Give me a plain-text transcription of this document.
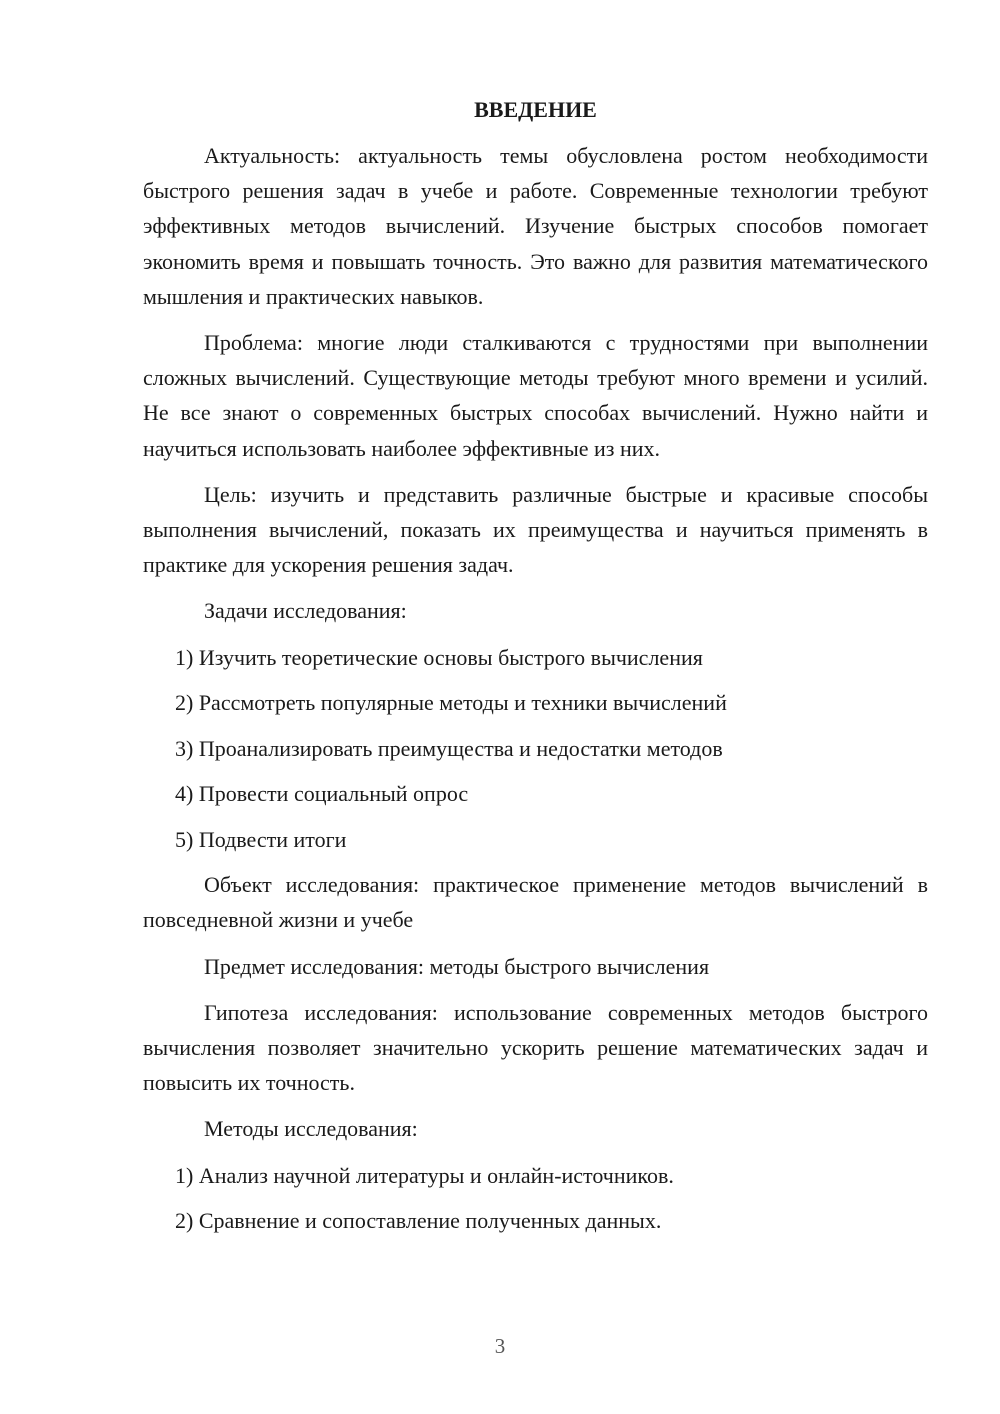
ВВЕДЕНИЕ

Актуальность: актуальность темы обусловлена ростом необходимости быстрого решения задач в учебе и работе. Современные технологии требуют эффективных методов вычислений. Изучение быстрых способов помогает экономить время и повышать точность. Это важно для развития математического мышления и практических навыков.

Проблема: многие люди сталкиваются с трудностями при выполнении сложных вычислений. Существующие методы требуют много времени и усилий. Не все знают о современных быстрых способах вычислений. Нужно найти и научиться использовать наиболее эффективные из них.

Цель: изучить и представить различные быстрые и красивые способы выполнения вычислений, показать их преимущества и научиться применять в практике для ускорения решения задач.

Задачи исследования:

1) Изучить теоретические основы быстрого вычисления
2) Рассмотреть популярные методы и техники вычислений
3) Проанализировать преимущества и недостатки методов
4) Провести социальный опрос
5) Подвести итоги

Объект исследования: практическое применение методов вычислений в повседневной жизни и учебе

Предмет исследования: методы быстрого вычисления

Гипотеза исследования: использование современных методов быстрого вычисления позволяет значительно ускорить решение математических задач и повысить их точность.

Методы исследования:

1) Анализ научной литературы и онлайн-источников.
2) Сравнение и сопоставление полученных данных.
3
